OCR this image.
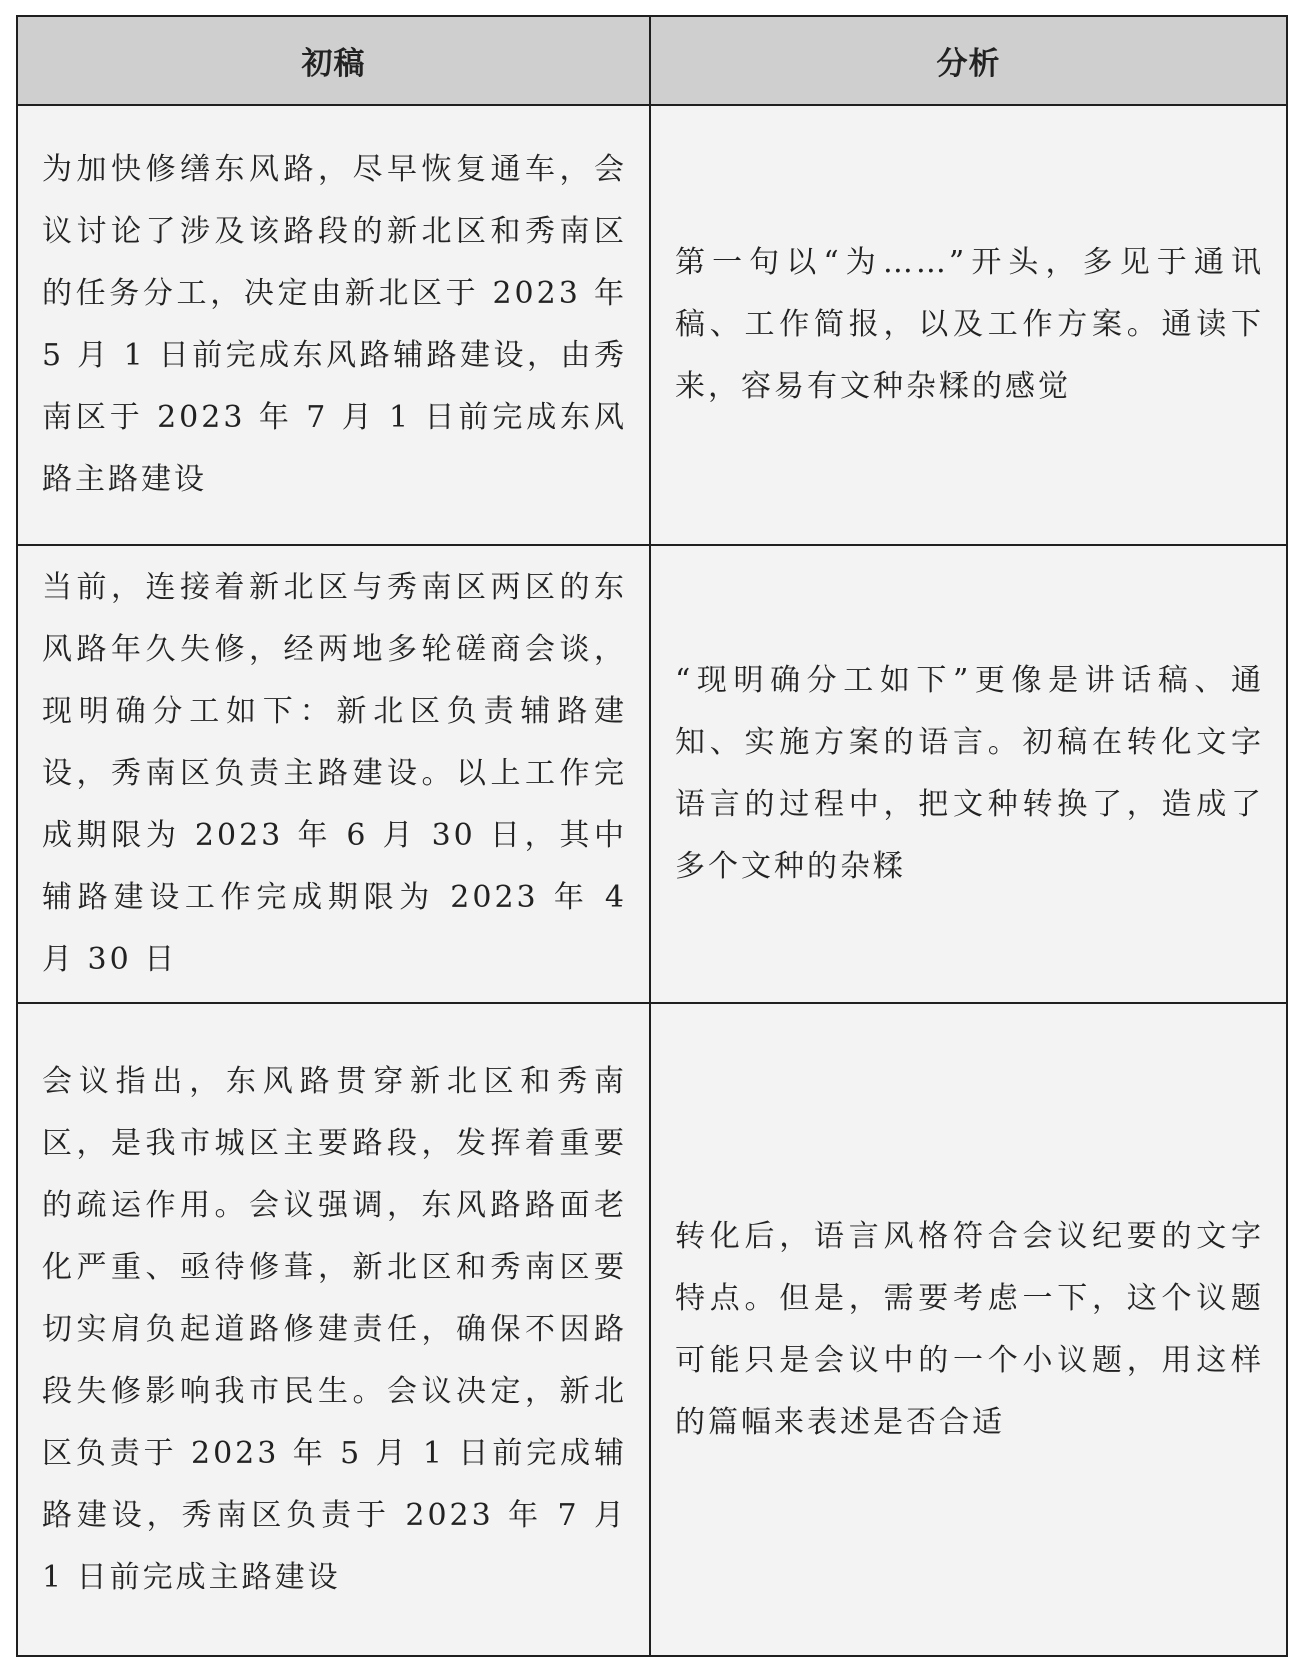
初稿	分析
为加快修缮东风路，尽早恢复通车，会议讨论了涉及该路段的新北区和秀南区的任务分工，决定由新北区于 2023 年 5 月 1 日前完成东风路辅路建设，由秀南区于 2023 年 7 月 1 日前完成东风路主路建设	第一句以“为……”开头，多见于通讯稿、工作简报，以及工作方案。通读下来，容易有文种杂糅的感觉
当前，连接着新北区与秀南区两区的东风路年久失修，经两地多轮磋商会谈，现明确分工如下：新北区负责辅路建设，秀南区负责主路建设。以上工作完成期限为 2023 年 6 月 30 日，其中辅路建设工作完成期限为 2023 年 4 月 30 日	“现明确分工如下”更像是讲话稿、通知、实施方案的语言。初稿在转化文字语言的过程中，把文种转换了，造成了多个文种的杂糅
会议指出，东风路贯穿新北区和秀南区，是我市城区主要路段，发挥着重要的疏运作用。会议强调，东风路路面老化严重、亟待修葺，新北区和秀南区要切实肩负起道路修建责任，确保不因路段失修影响我市民生。会议决定，新北区负责于 2023 年 5 月 1 日前完成辅路建设，秀南区负责于 2023 年 7 月 1 日前完成主路建设	转化后，语言风格符合会议纪要的文字特点。但是，需要考虑一下，这个议题可能只是会议中的一个小议题，用这样的篇幅来表述是否合适
